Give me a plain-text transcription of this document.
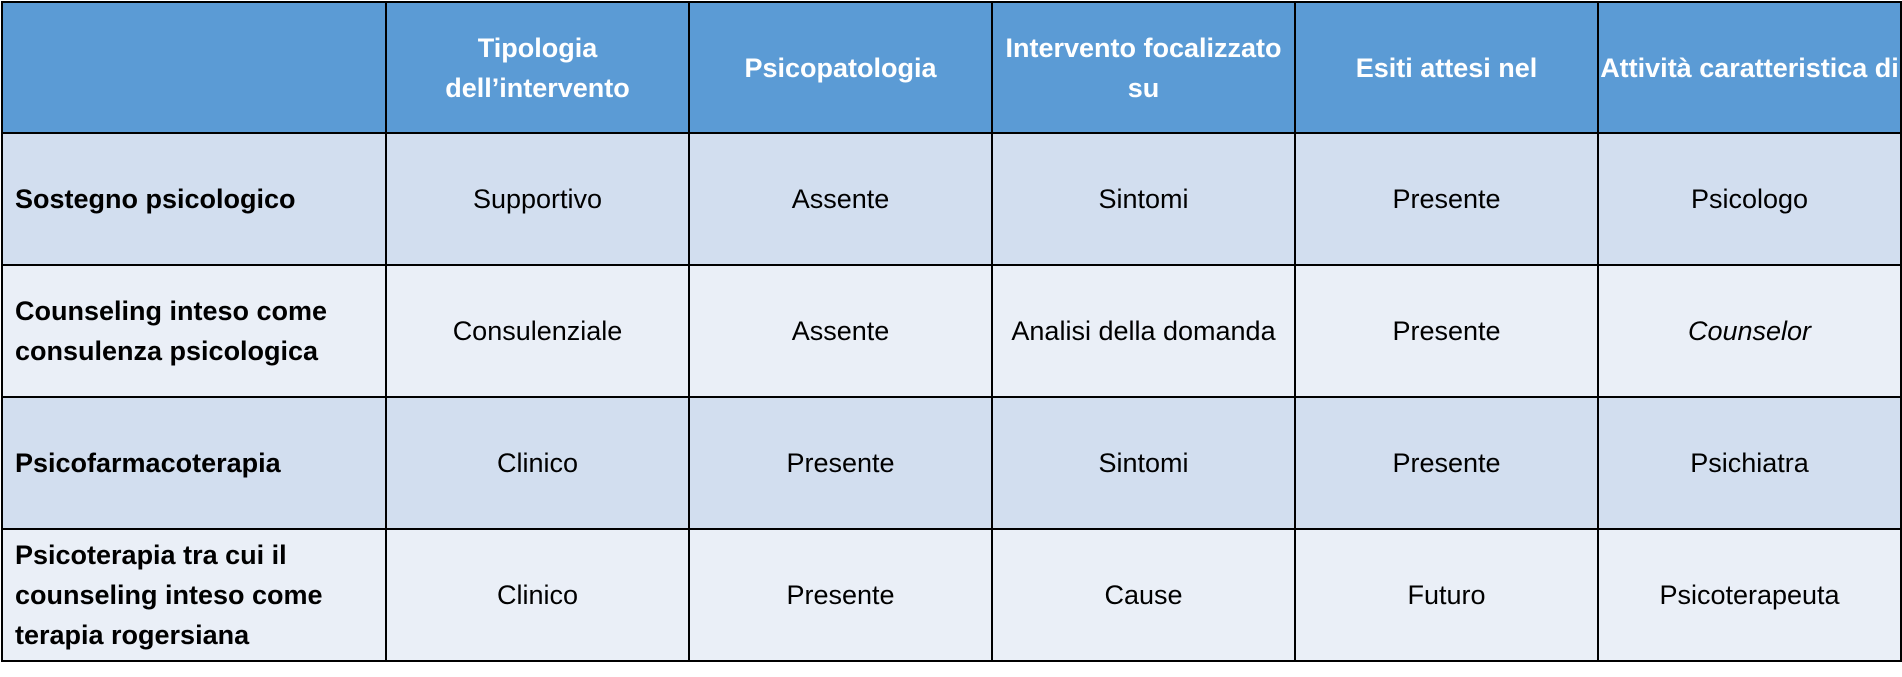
	Tipologia dell’intervento	Psicopatologia	Intervento focalizzato su	Esiti attesi nel	Attività caratteristica di
Sostegno psicologico	Supportivo	Assente	Sintomi	Presente	Psicologo
Counseling inteso come consulenza psicologica	Consulenziale	Assente	Analisi della domanda	Presente	Counselor
Psicofarmacoterapia	Clinico	Presente	Sintomi	Presente	Psichiatra
Psicoterapia tra cui il counseling inteso come terapia rogersiana	Clinico	Presente	Cause	Futuro	Psicoterapeuta
